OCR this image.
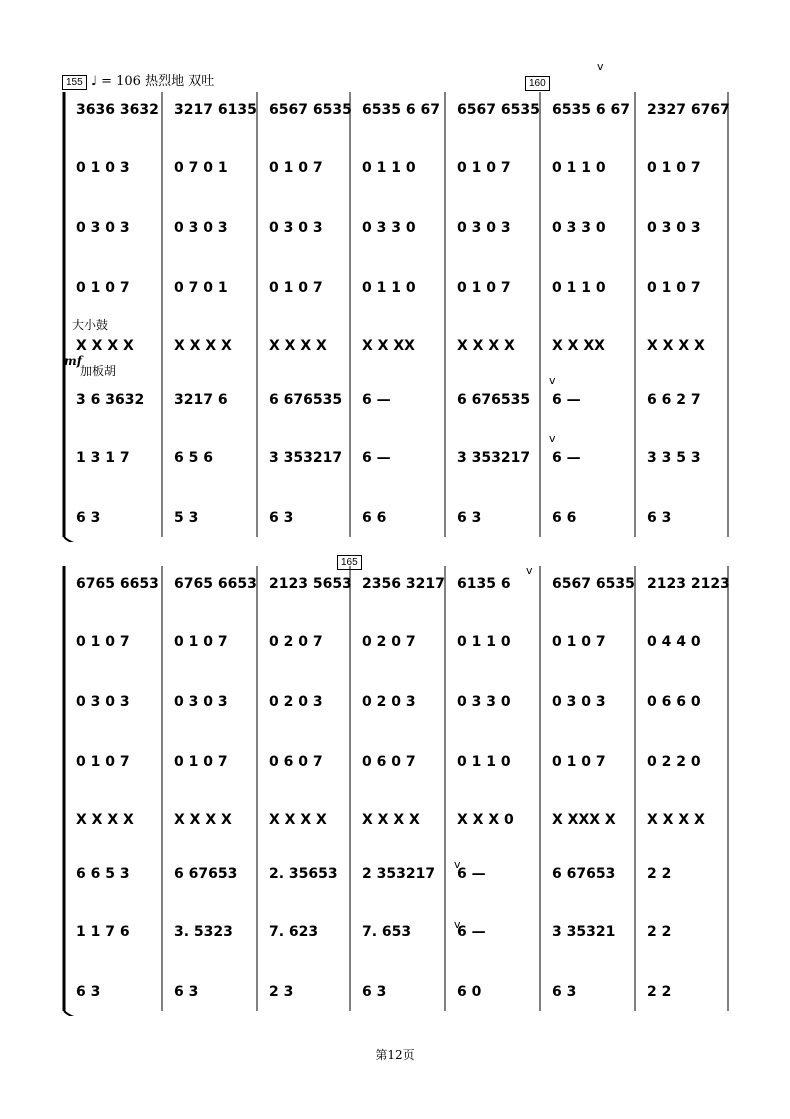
155 ♩ = 106 热烈地 双吐	160
165
大小鼓
mf
加板胡
v
v
v
3636 3632
0 1 0 3
0 3 0 3
0 1 0 7
X X X X
3 6 3632
1 3 1 7
6 3
3217 6135
0 7 0 1
0 3 0 3
0 7 0 1
X X X X
3217 6
6 5 6
5 3
6567 6535
0 1 0 7
0 3 0 3
0 1 0 7
X X X X
6 676535
3 353217
6 3
6535 6 67
0 1 1 0
0 3 3 0
0 1 1 0
X X XX
6 —
6 —
6 6
6567 6535
0 1 0 7
0 3 0 3
0 1 0 7
X X X X
6 676535
3 353217
6 3
6535 6 67
0 1 1 0
0 3 3 0
0 1 1 0
X X XX
6 —
6 —
6 6
2327 6767
0 1 0 7
0 3 0 3
0 1 0 7
X X X X
6 6 2 7
3 3 5 3
6 3
v
v
v
6765 6653
0 1 0 7
0 3 0 3
0 1 0 7
X X X X
6 6 5 3
1 1 7 6
6 3
6765 6653
0 1 0 7
0 3 0 3
0 1 0 7
X X X X
6 67653
3. 5323
6 3
2123 5653
0 2 0 7
0 2 0 3
0 6 0 7
X X X X
2. 35653
7. 623
2 3
2356 3217
0 2 0 7
0 2 0 3
0 6 0 7
X X X X
2 353217
7. 653
6 3
6135 6
0 1 1 0
0 3 3 0
0 1 1 0
X X X 0
6 —
6 —
6 0
6567 6535
0 1 0 7
0 3 0 3
0 1 0 7
X XXX X
6 67653
3 35321
6 3
2123 2123
0 4 4 0
0 6 6 0
0 2 2 0
X X X X
2 2
2 2
2 2
第12页
